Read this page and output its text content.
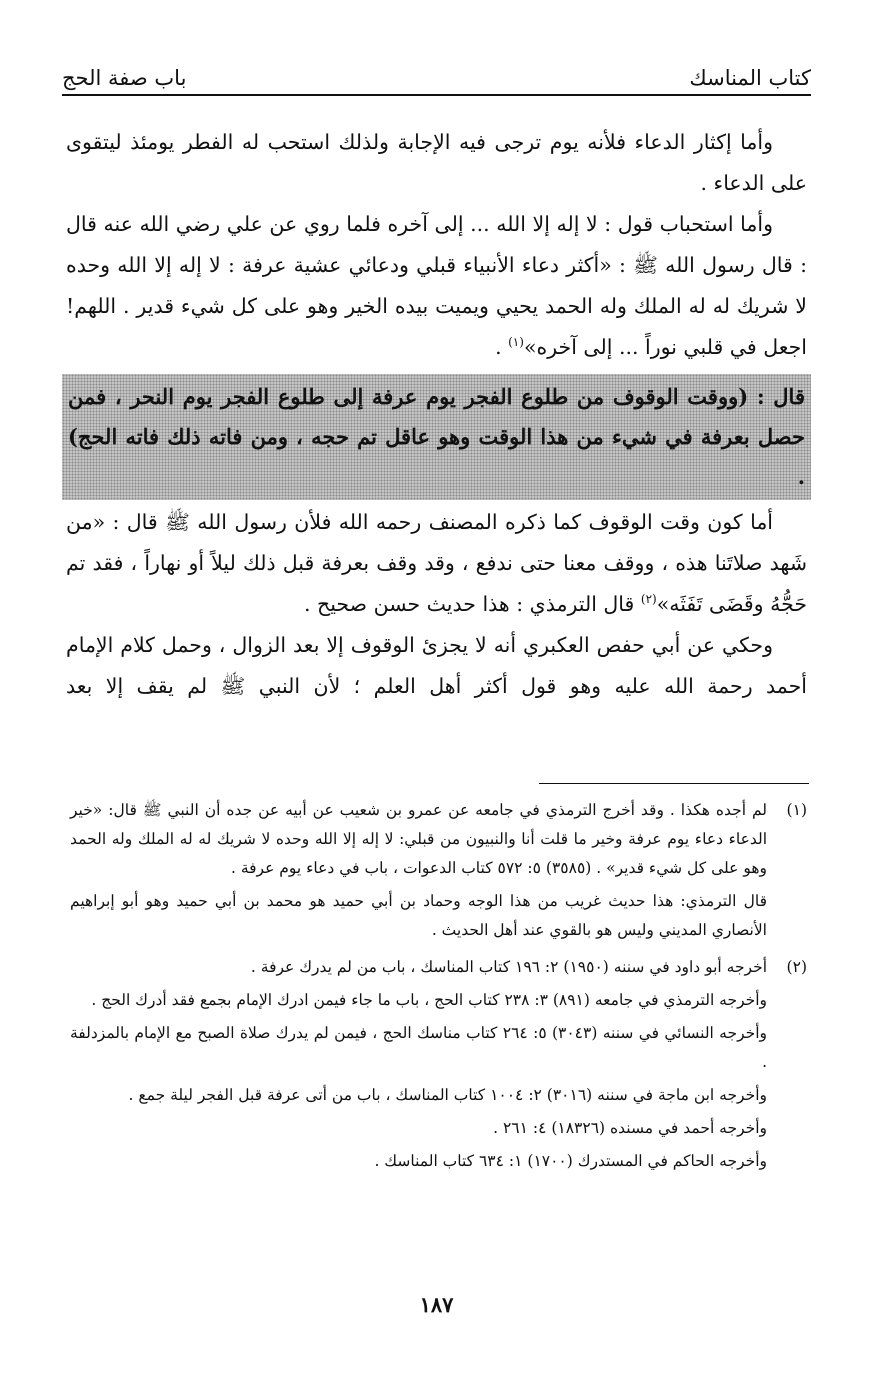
كتاب المناسك
باب صفة الحج

وأما إكثار الدعاء فلأنه يوم ترجى فيه الإجابة ولذلك استحب له الفطر يومئذ ليتقوى على الدعاء .

وأما استحباب قول : لا إله إلا الله ... إلى آخره فلما روي عن علي رضي الله عنه قال : قال رسول الله ﷺ : «أكثر دعاء الأنبياء قبلي ودعائي عشية عرفة : لا إله إلا الله وحده لا شريك له له الملك وله الحمد يحيي ويميت بيده الخير وهو على كل شيء قدير . اللهم! اجعل في قلبي نوراً ... إلى آخره»$^{(١)}$ .

قال : (ووقت الوقوف من طلوع الفجر يوم عرفة إلى طلوع الفجر يوم النحر ، فمن حصل بعرفة في شيء من هذا الوقت وهو عاقل تم حجه ، ومن فاته ذلك فاته الحج) .

أما كون وقت الوقوف كما ذكره المصنف رحمه الله فلأن رسول الله ﷺ قال : «من شَهد صلاتَنا هذه ، ووقف معنا حتى ندفع ، وقد وقف بعرفة قبل ذلك ليلاً أو نهاراً ، فقد تم حَجُّهُ وقَضَى تَفَثَه»$^{(٢)}$ قال الترمذي : هذا حديث حسن صحيح .

وحكي عن أبي حفص العكبري أنه لا يجزئ الوقوف إلا بعد الزوال ، وحمل كلام الإمام أحمد رحمة الله عليه وهو قول أكثر أهل العلم ؛ لأن النبي ﷺ لم يقف إلا بعد

(١)

لم أجده هكذا . وقد أخرج الترمذي في جامعه عن عمرو بن شعيب عن أبيه عن جده أن النبي ﷺ قال: «خير الدعاء دعاء يوم عرفة وخير ما قلت أنا والنبيون من قبلي: لا إله إلا الله وحده لا شريك له له الملك وله الحمد وهو على كل شيء قدير» . (٣٥٨٥) ٥: ٥٧٢ كتاب الدعوات ، باب في دعاء يوم عرفة .

قال الترمذي: هذا حديث غريب من هذا الوجه وحماد بن أبي حميد هو محمد بن أبي حميد وهو أبو إبراهيم الأنصاري المديني وليس هو بالقوي عند أهل الحديث .

(٢)

أخرجه أبو داود في سننه (١٩٥٠) ٢: ١٩٦ كتاب المناسك ، باب من لم يدرك عرفة .

وأخرجه الترمذي في جامعه (٨٩١) ٣: ٢٣٨ كتاب الحج ، باب ما جاء فيمن ادرك الإمام بجمع فقد أدرك الحج .

وأخرجه النسائي في سننه (٣٠٤٣) ٥: ٢٦٤ كتاب مناسك الحج ، فيمن لم يدرك صلاة الصبح مع الإمام بالمزدلفة .

وأخرجه ابن ماجة في سننه (٣٠١٦) ٢: ١٠٠٤ كتاب المناسك ، باب من أتى عرفة قبل الفجر ليلة جمع .

وأخرجه أحمد في مسنده (١٨٣٢٦) ٤: ٢٦١ .

وأخرجه الحاكم في المستدرك (١٧٠٠) ١: ٦٣٤ كتاب المناسك .

١٨٧
